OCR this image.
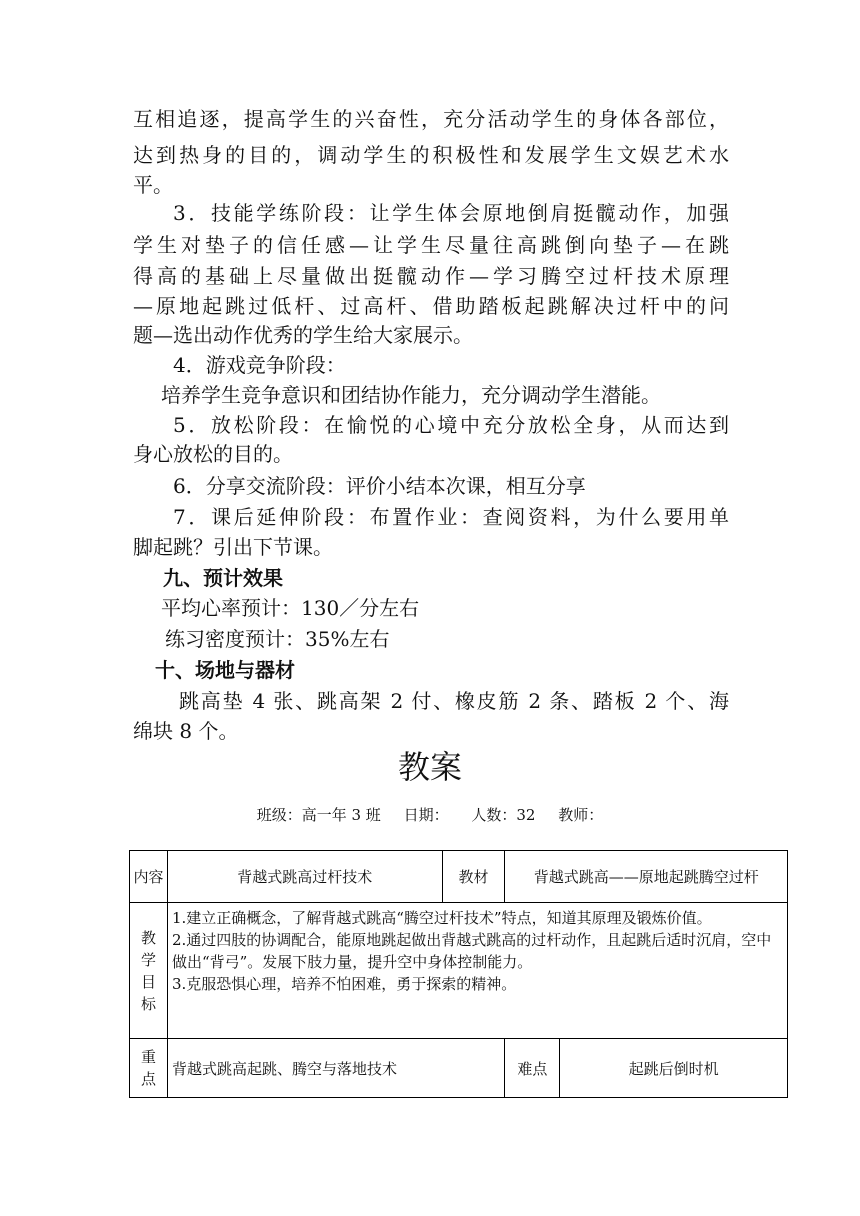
互相追逐，提高学生的兴奋性，充分活动学生的身体各部位，
达到热身的目的，调动学生的积极性和发展学生文娱艺术水
平。
3．技能学练阶段：让学生体会原地倒肩挺髋动作，加强
学生对垫子的信任感—让学生尽量往高跳倒向垫子—在跳
得高的基础上尽量做出挺髋动作—学习腾空过杆技术原理
—原地起跳过低杆、过高杆、借助踏板起跳解决过杆中的问
题—选出动作优秀的学生给大家展示。
4．游戏竞争阶段：
培养学生竞争意识和团结协作能力，充分调动学生潜能。
5．放松阶段：在愉悦的心境中充分放松全身，从而达到
身心放松的目的。
6．分享交流阶段：评价小结本次课，相互分享
7．课后延伸阶段：布置作业：查阅资料，为什么要用单
脚起跳？引出下节课。
九、预计效果
平均心率预计：130／分左右
练习密度预计：35%左右
十、场地与器材
跳高垫 4 张、跳高架 2 付、橡皮筋 2 条、踏板 2 个、海
绵块 8 个。
教案
班级：高一年 3 班 日期： 人数：32 教师：
内容	背越式跳高过杆技术	教材	背越式跳高——原地起跳腾空过杆	

教学目标	1.建立正确概念，了解背越式跳高“腾空过杆技术”特点，知道其原理及锻炼价值。
2.通过四肢的协调配合，能原地跳起做出背越式跳高的过杆动作，且起跳后适时沉肩，空中做出“背弓”。发展下肢力量，提升空中身体控制能力。
3.克服恐惧心理，培养不怕困难，勇于探索的精神。			

重点	背越式跳高起跳、腾空与落地技术		难点	起跳后倒时机
